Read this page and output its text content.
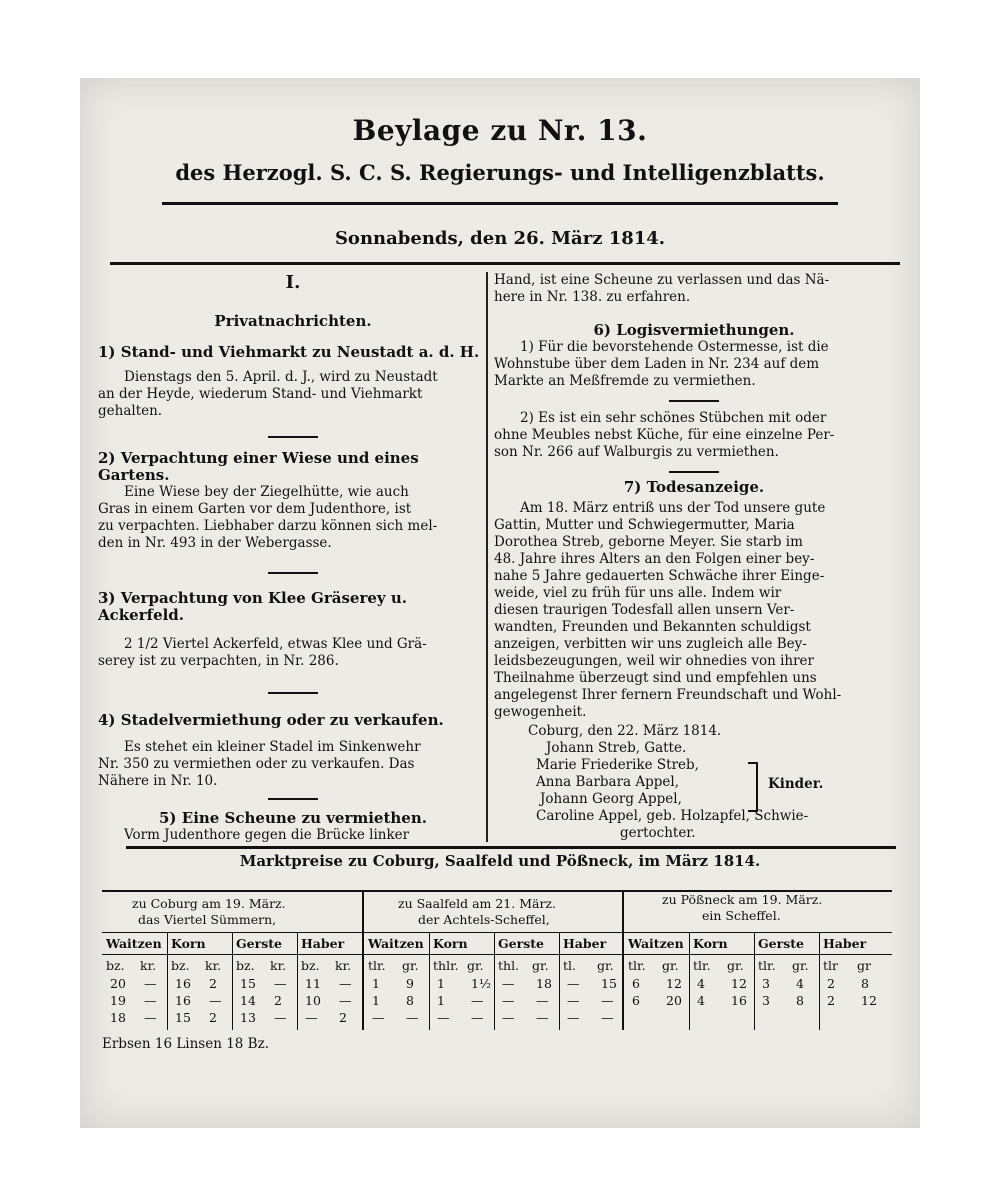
Beylage zu Nr. 13.
des Herzogl. S. C. S. Regierungs- und Intelligenzblatts.
Sonnabends, den 26. März 1814.
I.
Privatnachrichten.
1) Stand- und Viehmarkt zu Neustadt a. d. H.

Dienstags den 5. April. d. J., wird zu Neustadt

an der Heyde, wiederum Stand- und Viehmarkt

gehalten.

2) Verpachtung einer Wiese und eines Gartens.

Eine Wiese bey der Ziegelhütte, wie auch

Gras in einem Garten vor dem Judenthore, ist

zu verpachten. Liebhaber darzu können sich mel-

den in Nr. 493 in der Webergasse.

3) Verpachtung von Klee Gräserey u. Ackerfeld.

2 1/2 Viertel Ackerfeld, etwas Klee und Grä-

serey ist zu verpachten, in Nr. 286.

4) Stadelvermiethung oder zu verkaufen.

Es stehet ein kleiner Stadel im Sinkenwehr

Nr. 350 zu vermiethen oder zu verkaufen. Das

Nähere in Nr. 10.

5) Eine Scheune zu vermiethen.

Vorm Judenthore gegen die Brücke linker

Hand, ist eine Scheune zu verlassen und das Nä-

here in Nr. 138. zu erfahren.

6) Logisvermiethungen.

1) Für die bevorstehende Ostermesse, ist die

Wohnstube über dem Laden in Nr. 234 auf dem

Markte an Meßfremde zu vermiethen.

2) Es ist ein sehr schönes Stübchen mit oder

ohne Meubles nebst Küche, für eine einzelne Per-

son Nr. 266 auf Walburgis zu vermiethen.

7) Todesanzeige.

Am 18. März entriß uns der Tod unsere gute

Gattin, Mutter und Schwiegermutter, Maria

Dorothea Streb, geborne Meyer. Sie starb im

48. Jahre ihres Alters an den Folgen einer bey-

nahe 5 Jahre gedauerten Schwäche ihrer Einge-

weide, viel zu früh für uns alle. Indem wir

diesen traurigen Todesfall allen unsern Ver-

wandten, Freunden und Bekannten schuldigst

anzeigen, verbitten wir uns zugleich alle Bey-

leidsbezeugungen, weil wir ohnedies von ihrer

Theilnahme überzeugt sind und empfehlen uns

angelegenst Ihrer fernern Freundschaft und Wohl-

gewogenheit.

Coburg, den 22. März 1814.
Johann Streb, Gatte.
Marie Friederike Streb,
Anna Barbara Appel,
Johann Georg Appel,
Caroline Appel, geb. Holzapfel, Schwie-
gertochter.
Kinder.
Marktpreise zu Coburg, Saalfeld und Pößneck, im März 1814.
zu Coburg am 19. März.
das Viertel Sümmern,
zu Saalfeld am 21. März.
der Achtels-Scheffel,
zu Pößneck am 19. März.
ein Scheffel.
Waitzen Korn Gerste Haber
bz. kr. bz. kr. bz. kr. bz. kr.
20 — 16 2 15 — 11 —
19 — 16 — 14 2 10 —
18 — 15 2 13 — — 2
Waitzen Korn Gerste Haber
tlr. gr. thlr. gr. thl. gr. tl. gr.
1 9 1 1½ — 18 — 15
1 8 1 — — — — —
— — — — — — — —
Waitzen Korn Gerste Haber
tlr. gr. tlr. gr. tlr. gr. tlr gr
6 12 4 12 3 4 2 8
6 20 4 16 3 8 2 12
Erbsen 16 Linsen 18 Bz.
